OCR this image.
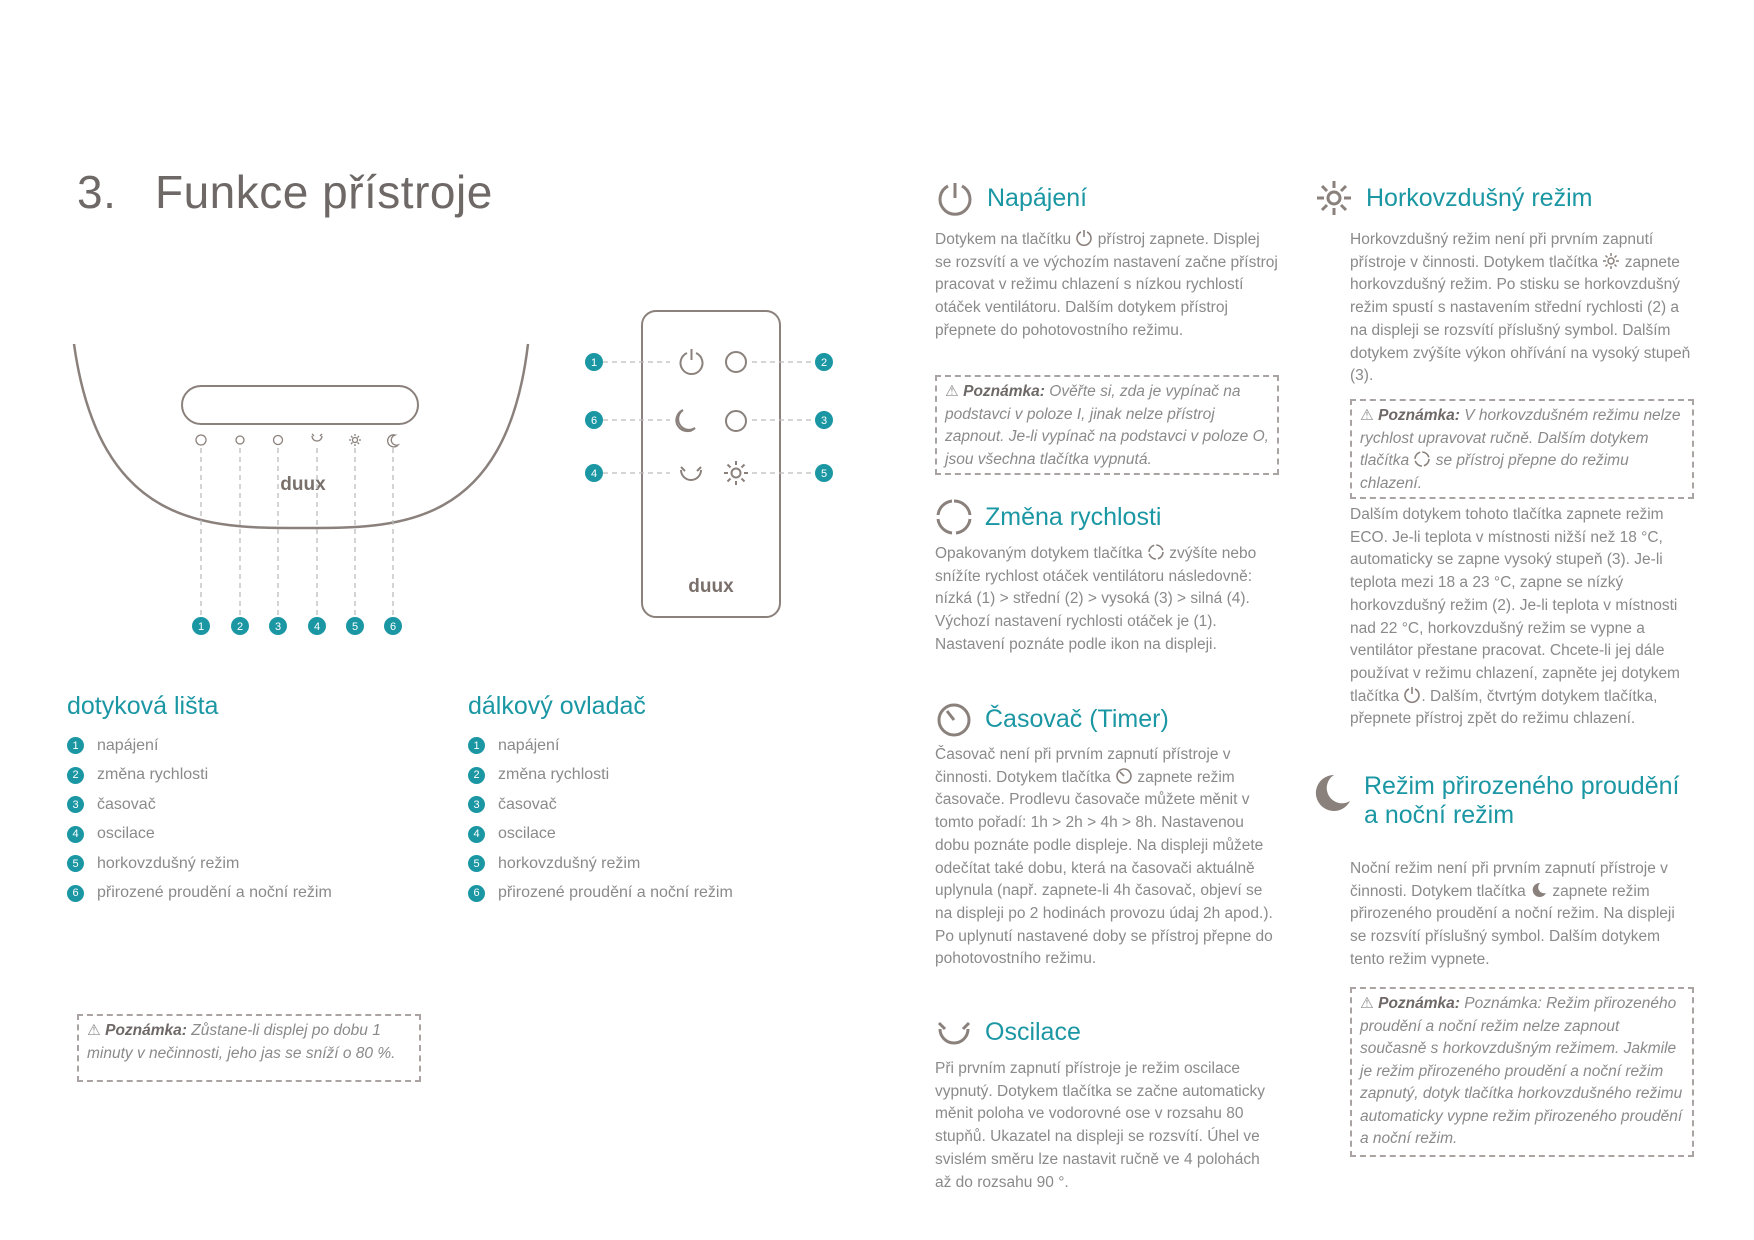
3. Funkce přístroje
duux
1	2	3	4	5	6
duux
1
6
4
2
3
5
dotyková lišta
1	napájení
2	změna rychlosti
3	časovač
4	oscilace
5	horkovzdušný režim
6	přirozené proudění a noční režim
dálkový ovladač
1	napájení
2	změna rychlosti
3	časovač
4	oscilace
5	horkovzdušný režim
6	přirozené proudění a noční režim
⚠ Poznámka: Zůstane-li displej po dobu 1 minuty v nečinnosti, jeho jas se sníží o 80 %.
Napájení
Dotykem na tlačítku  přístroj zapnete. Displej se rozsvítí a ve výchozím nastavení začne přístroj pracovat v režimu chlazení s nízkou rychlostí otáček ventilátoru. Dalším dotykem přístroj přepnete do pohotovostního režimu.
⚠ Poznámka: Ověřte si, zda je vypínač na podstavci v poloze I, jinak nelze přístroj zapnout. Je-li vypínač na podstavci v poloze O, jsou všechna tlačítka vypnutá.
Změna rychlosti
Opakovaným dotykem tlačítka  zvýšíte nebo snížíte rychlost otáček ventilátoru následovně: nízká (1) > střední (2) > vysoká (3) > silná (4). Výchozí nastavení rychlosti otáček je (1). Nastavení poznáte podle ikon na displeji.
Časovač (Timer)
Časovač není při prvním zapnutí přístroje v činnosti. Dotykem tlačítka  zapnete režim časovače. Prodlevu časovače můžete měnit v tomto pořadí: 1h > 2h > 4h > 8h. Nastavenou dobu poznáte podle displeje. Na displeji můžete odečítat také dobu, která na časovači aktuálně uplynula (např. zapnete-li 4h časovač, objeví se na displeji po 2 hodinách provozu údaj 2h apod.). Po uplynutí nastavené doby se přístroj přepne do pohotovostního režimu.
Oscilace
Při prvním zapnutí přístroje je režim oscilace vypnutý. Dotykem tlačítka se začne automaticky měnit poloha ve vodorovné ose v rozsahu 80 stupňů. Ukazatel na displeji se rozsvítí. Úhel ve svislém směru lze nastavit ručně ve 4 polohách až do rozsahu 90 °.
Horkovzdušný režim
Horkovzdušný režim není při prvním zapnutí přístroje v činnosti. Dotykem tlačítka  zapnete horkovzdušný režim. Po stisku se horkovzdušný režim spustí s nastavením střední rychlosti (2) a na displeji se rozsvítí příslušný symbol. Dalším dotykem zvýšíte výkon ohřívání na vysoký stupeň (3).
⚠ Poznámka: V horkovzdušném režimu nelze rychlost upravovat ručně. Dalším dotykem tlačítka  se přístroj přepne do režimu chlazení.
Dalším dotykem tohoto tlačítka zapnete režim ECO. Je-li teplota v místnosti nižší než 18 °C, automaticky se zapne vysoký stupeň (3). Je-li teplota mezi 18 a 23 °C, zapne se nízký horkovzdušný režim (2). Je-li teplota v místnosti nad 22 °C, horkovzdušný režim se vypne a ventilátor přestane pracovat. Chcete-li jej dále používat v režimu chlazení, zapněte jej dotykem tlačítka . Dalším, čtvrtým dotykem tlačítka, přepnete přístroj zpět do režimu chlazení.
Režim přirozeného proudění
a noční režim
Noční režim není při prvním zapnutí přístroje v činnosti. Dotykem tlačítka  zapnete režim přirozeného proudění a noční režim. Na displeji se rozsvítí příslušný symbol. Dalším dotykem tento režim vypnete.
⚠ Poznámka: Poznámka: Režim přirozeného proudění a noční režim nelze zapnout současně s horkovzdušným režimem. Jakmile je režim přirozeného proudění a noční režim zapnutý, dotyk tlačítka horkovzdušného režimu automaticky vypne režim přirozeného proudění a noční režim.
